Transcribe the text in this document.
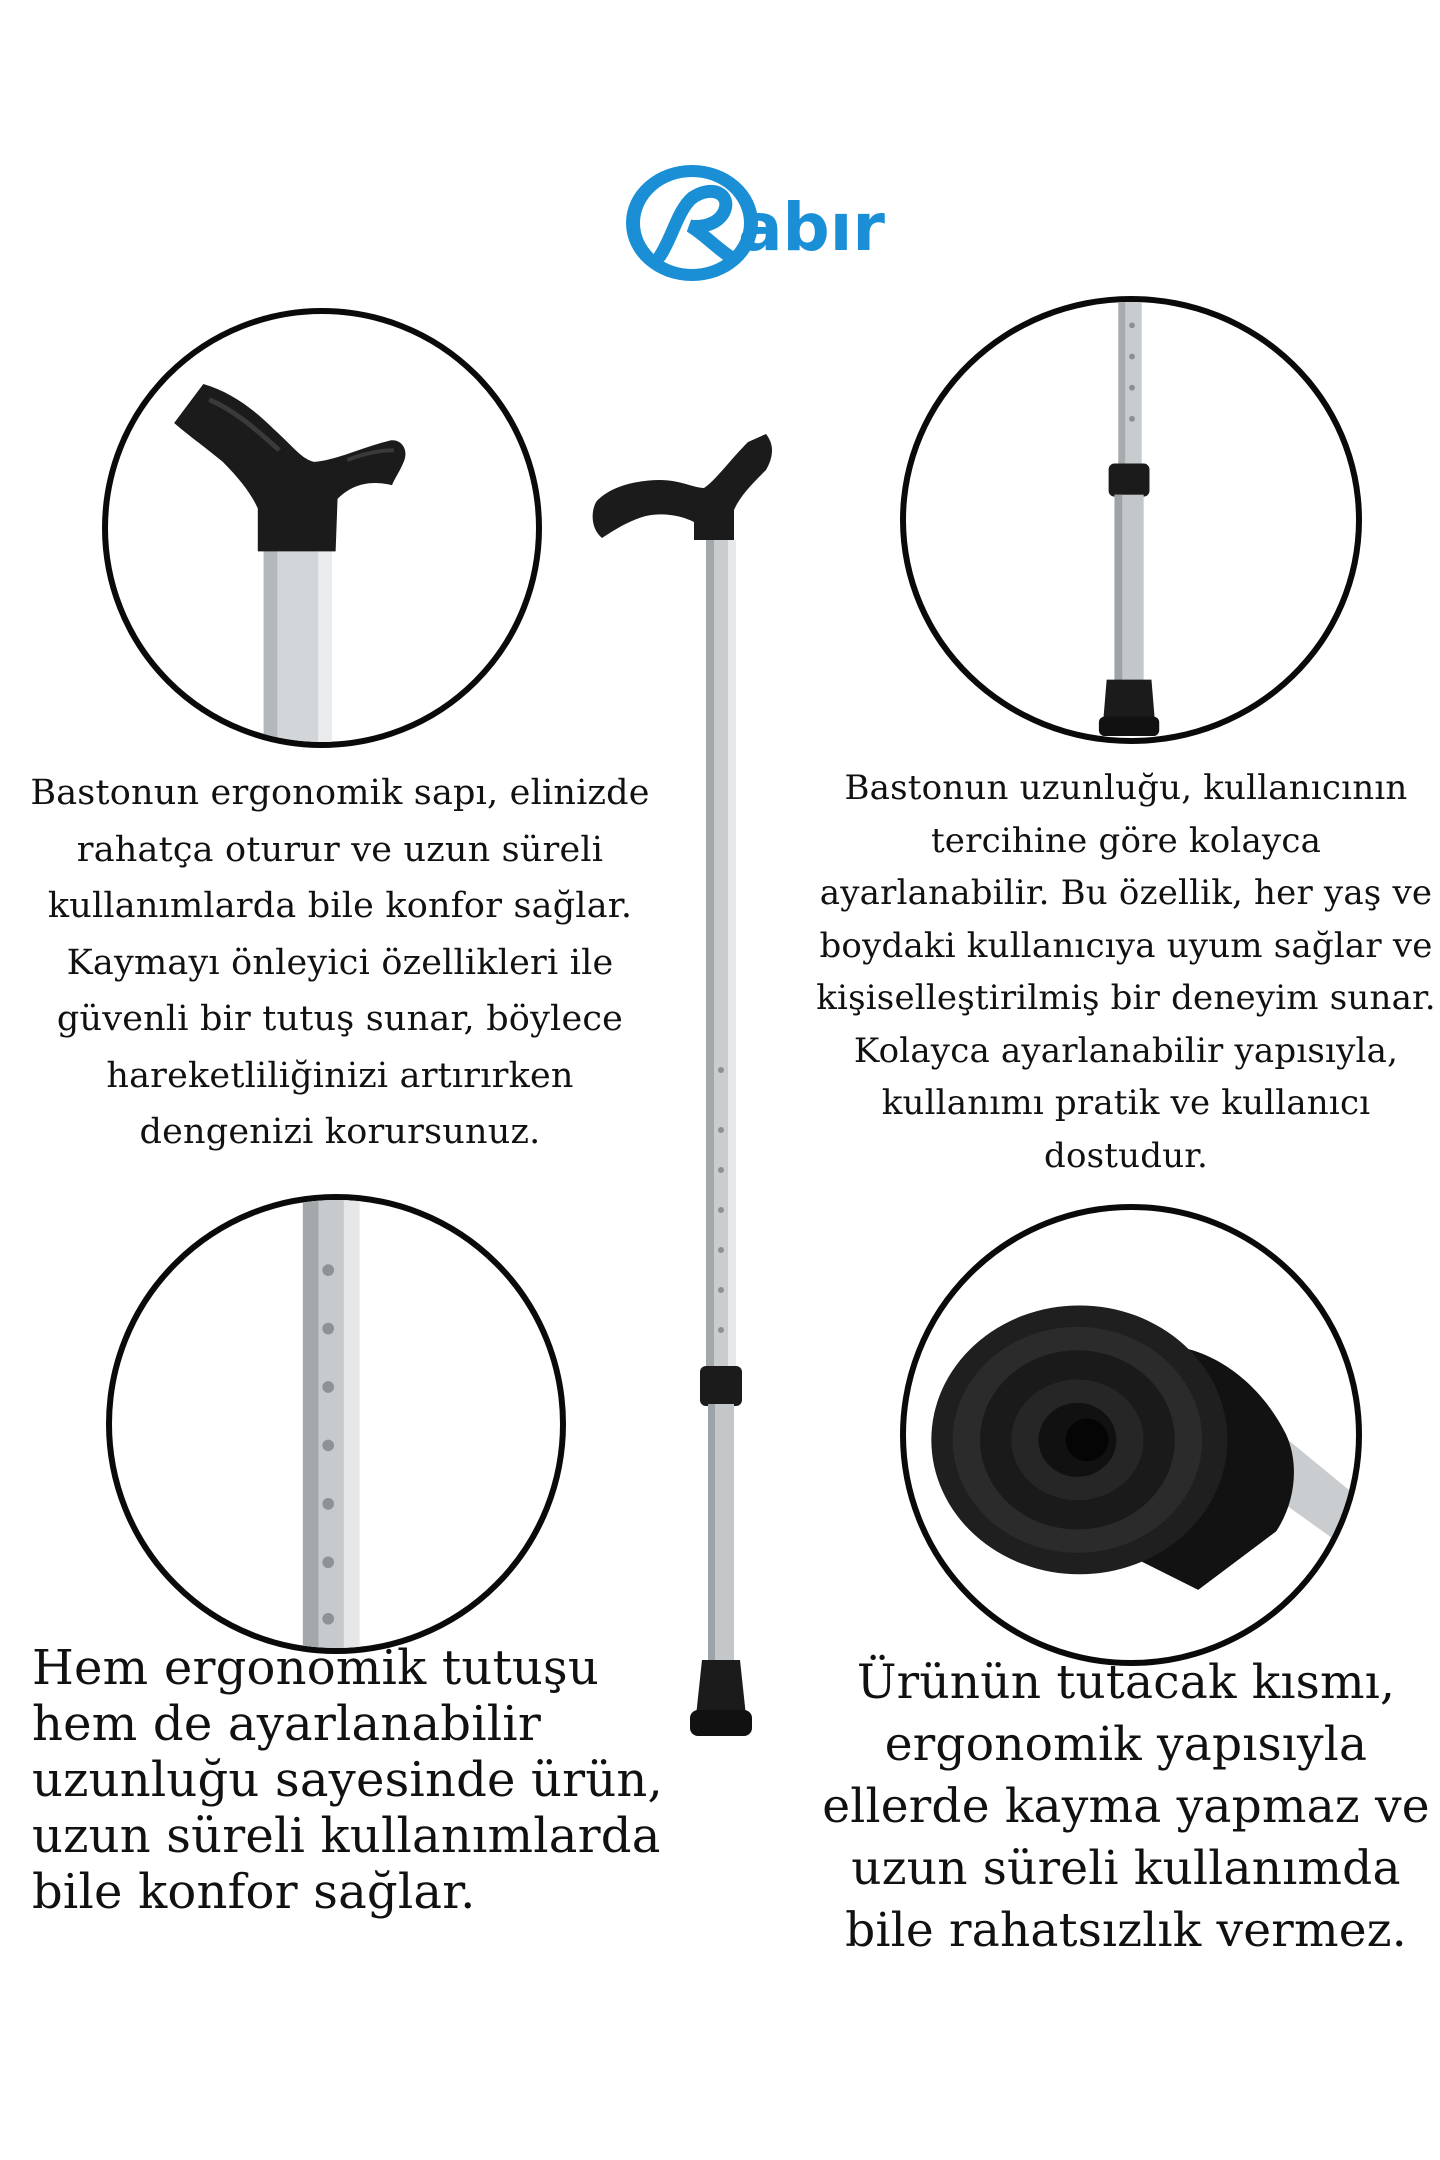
abır
Bastonun ergonomik sapı, elinizde rahatça oturur ve uzun süreli kullanımlarda bile konfor sağlar. Kaymayı önleyici özellikleri ile güvenli bir tutuş sunar, böylece hareketliliğinizi artırırken dengenizi korursunuz.
Bastonun uzunluğu, kullanıcının tercihine göre kolayca ayarlanabilir. Bu özellik, her yaş ve boydaki kullanıcıya uyum sağlar ve kişiselleştirilmiş bir deneyim sunar. Kolayca ayarlanabilir yapısıyla, kullanımı pratik ve kullanıcı dostudur.
Hem ergonomik tutuşu hem de ayarlanabilir uzunluğu sayesinde ürün, uzun süreli kullanımlarda bile konfor sağlar.
Ürünün tutacak kısmı, ergonomik yapısıyla ellerde kayma yapmaz ve uzun süreli kullanımda bile rahatsızlık vermez.
